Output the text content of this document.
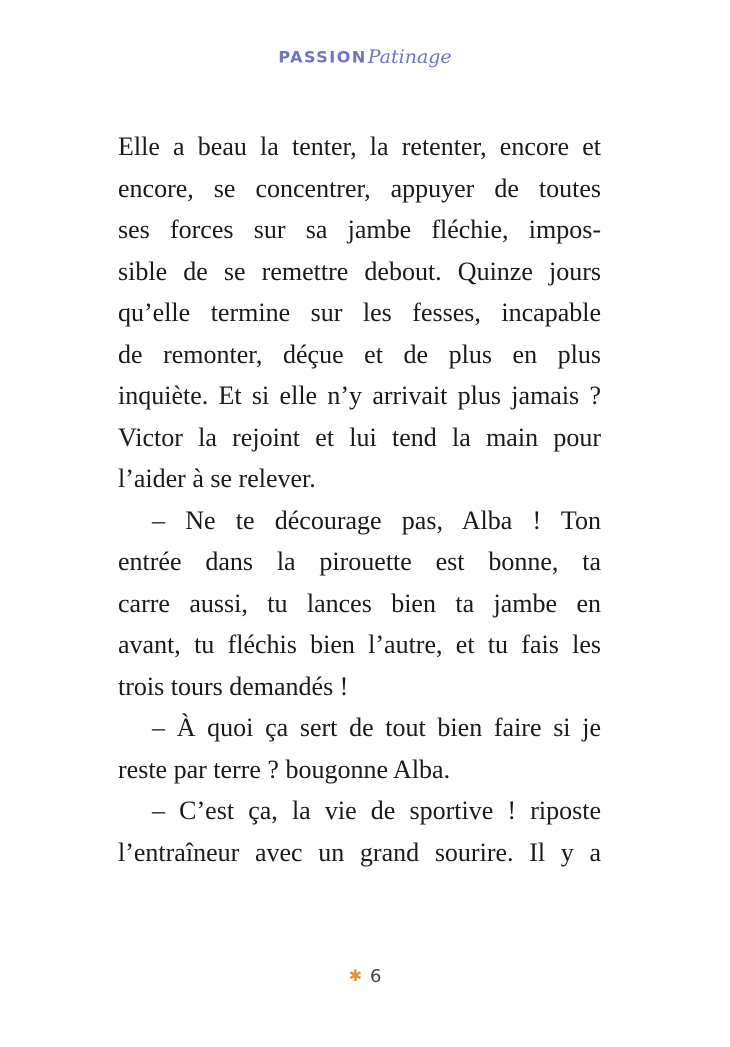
PASSIONPatinage

Elle a beau la tenter, la retenter, encore et

encore, se concentrer, appuyer de toutes

ses forces sur sa jambe fléchie, impos-

sible de se remettre debout. Quinze jours

qu’elle termine sur les fesses, incapable

de remonter, déçue et de plus en plus

inquiète. Et si elle n’y arrivait plus jamais ?

Victor la rejoint et lui tend la main pour

l’aider à se relever.

– Ne te décourage pas, Alba ! Ton

entrée dans la pirouette est bonne, ta

carre aussi, tu lances bien ta jambe en

avant, tu fléchis bien l’autre, et tu fais les

trois tours demandés !

– À quoi ça sert de tout bien faire si je

reste par terre ? bougonne Alba.

– C’est ça, la vie de sportive ! riposte

l’entraîneur avec un grand sourire. Il y a

✱ 6
